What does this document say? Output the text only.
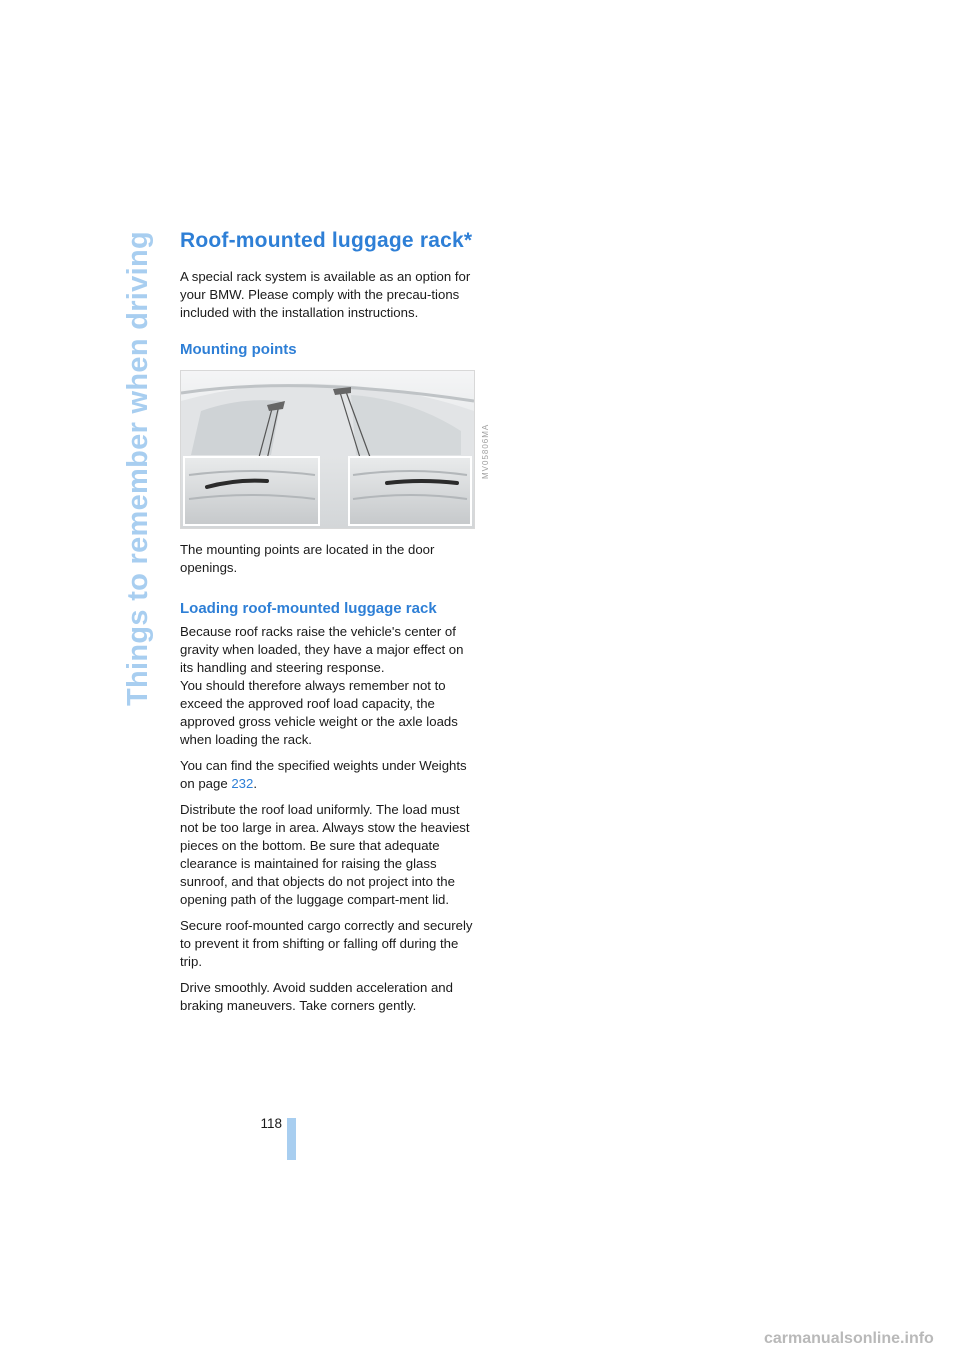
Things to remember when driving Roof-mounted luggage rack*

A special rack system is available as an option for your BMW. Please comply with the precau-tions included with the installation instructions.

Mounting points
MV05806MA

The mounting points are located in the door openings.

Loading roof-mounted luggage rack

Because roof racks raise the vehicle's center of gravity when loaded, they have a major effect on its handling and steering response.

You should therefore always remember not to exceed the approved roof load capacity, the approved gross vehicle weight or the axle loads when loading the rack.

You can find the specified weights under Weights on page 232.

Distribute the roof load uniformly. The load must not be too large in area. Always stow the heaviest pieces on the bottom. Be sure that adequate clearance is maintained for raising the glass sunroof, and that objects do not project into the opening path of the luggage compart-ment lid.

Secure roof-mounted cargo correctly and securely to prevent it from shifting or falling off during the trip.

Drive smoothly. Avoid sudden acceleration and braking maneuvers. Take corners gently.

118
carmanualsonline.info
